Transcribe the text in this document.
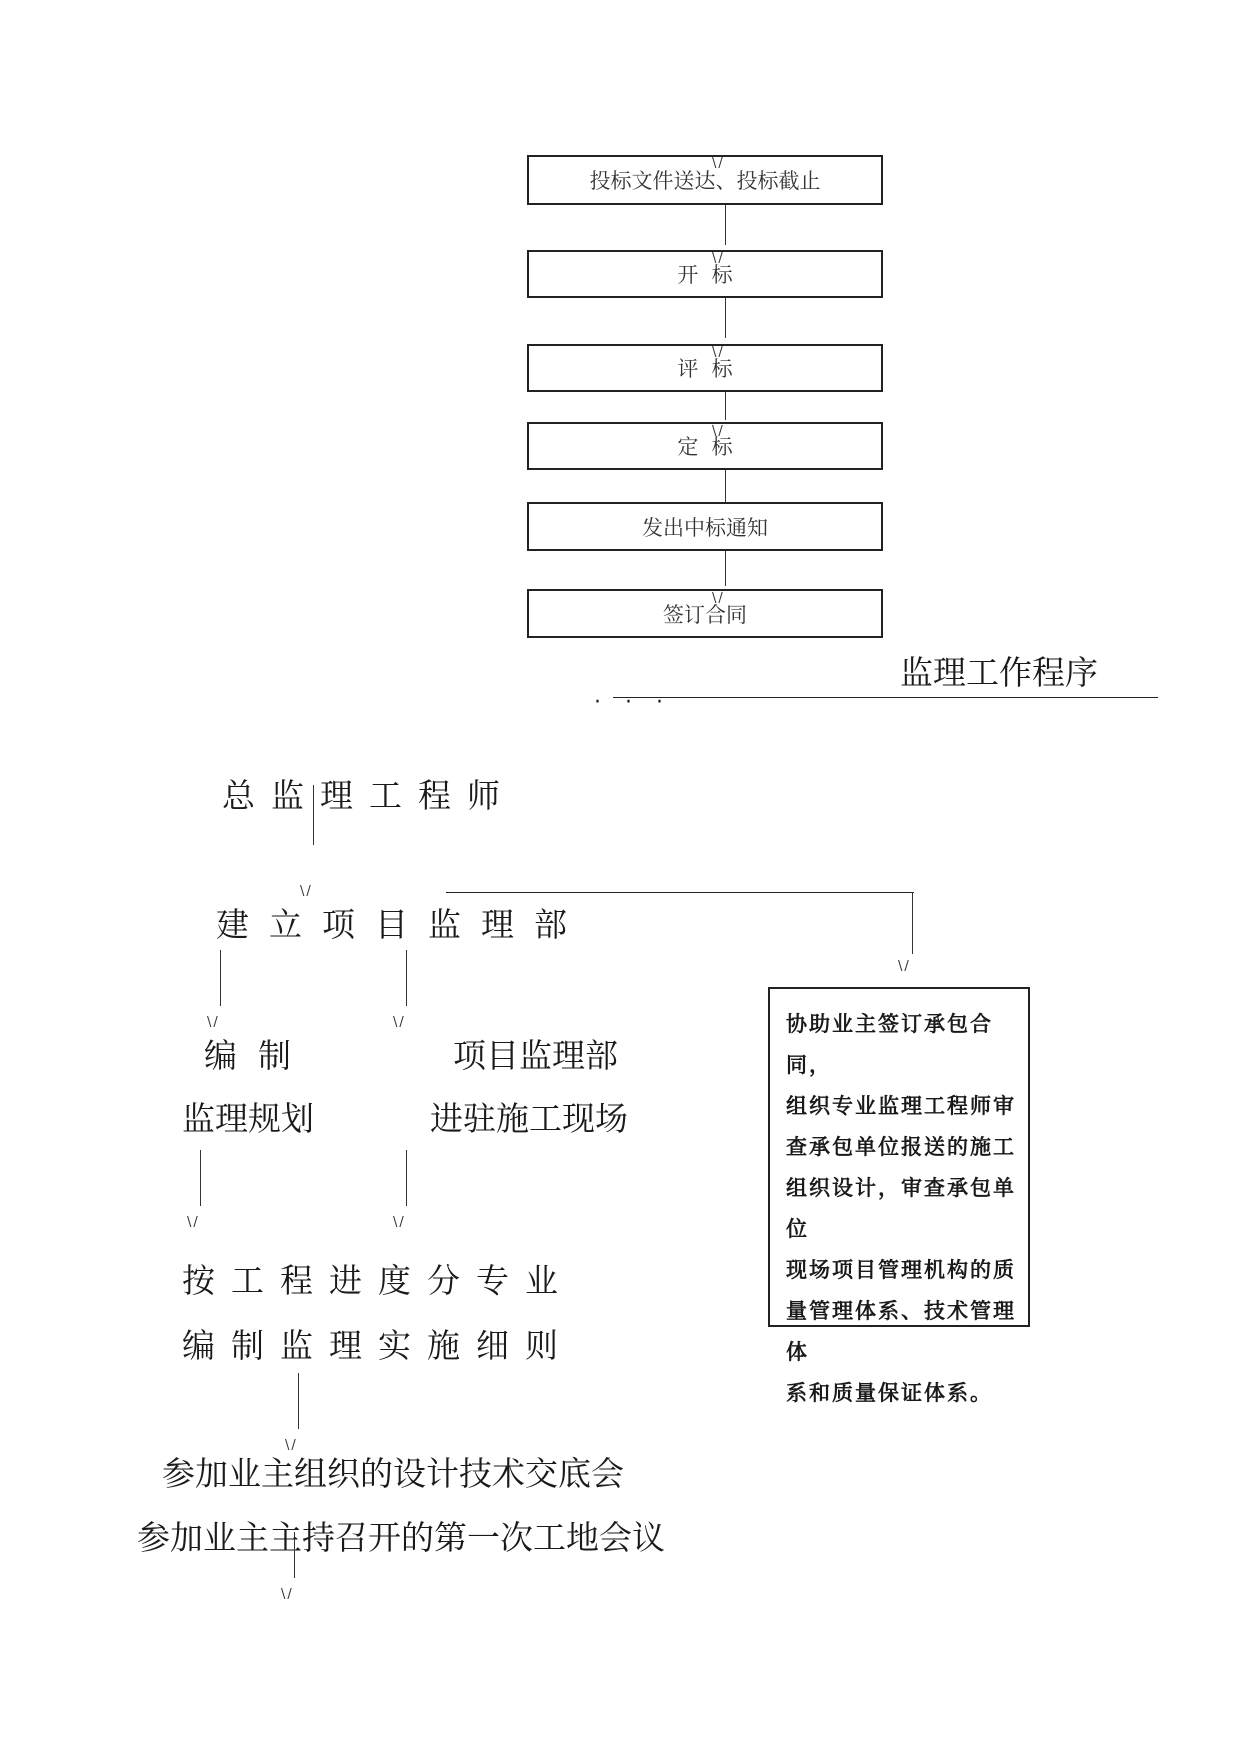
投标文件送达、投标截止
\/
开  标
\/
评  标
\/
定  标
\/
发出中标通知
签订合同
\/
监理工作程序
···
总监理工程师
\/
建立项目监理部
\/
\/	\/
编  制
监理规划
\/
项目监理部
进驻施工现场
\/
协助业主签订承包合同，
组织专业监理工程师审
查承包单位报送的施工
组织设计，审查承包单位
现场项目管理机构的质
量管理体系、技术管理体
系和质量保证体系。
按工程进度分专业
编制监理实施细则
\/
参加业主组织的设计技术交底会
参加业主主持召开的第一次工地会议
\/
